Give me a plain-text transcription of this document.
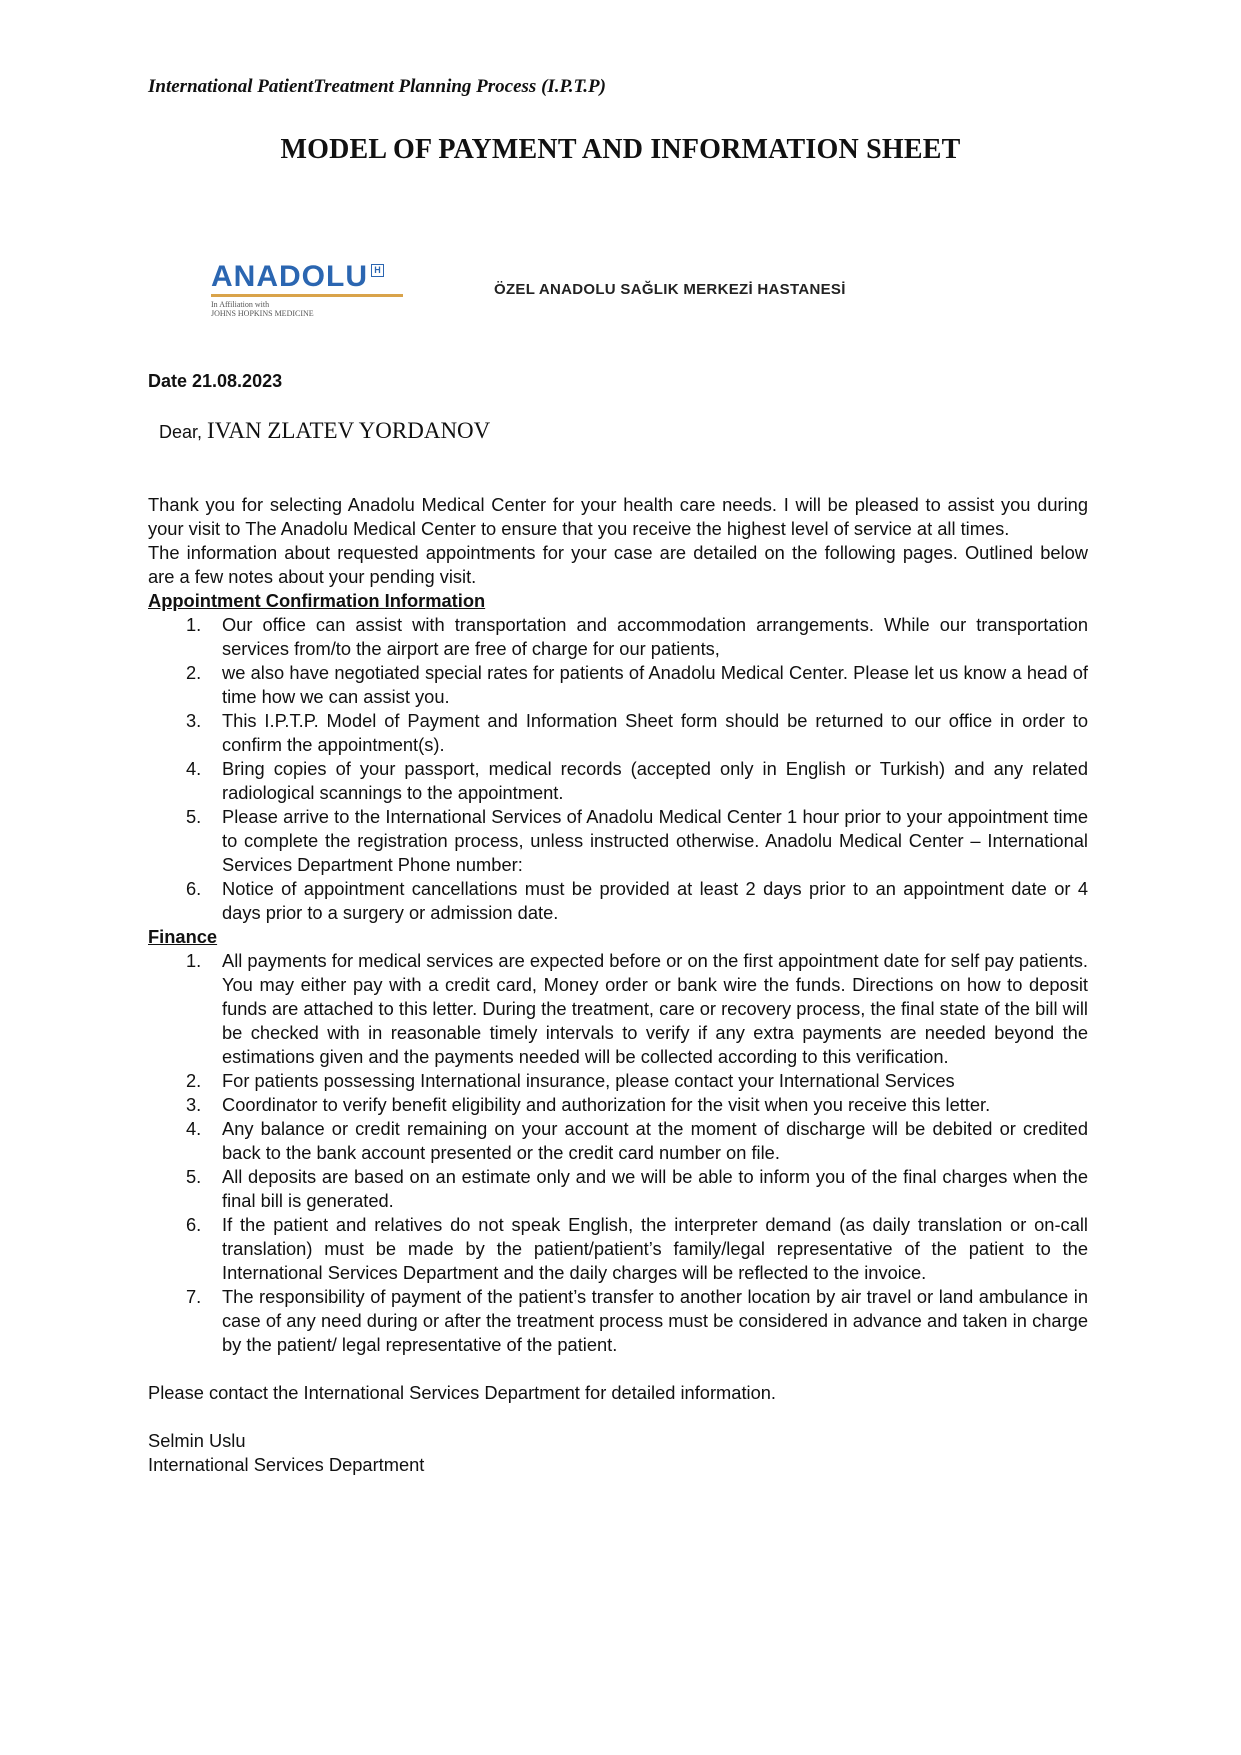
International PatientTreatment Planning Process (I.P.T.P)
MODEL OF PAYMENT AND INFORMATION SHEET
ANADOLU H
In Affiliation with
JOHNS HOPKINS MEDICINE
ÖZEL ANADOLU SAĞLIK MERKEZİ HASTANESİ
Date 21.08.2023
Dear, IVAN ZLATEV YORDANOV

Thank you for selecting Anadolu Medical Center for your health care needs. I will be pleased to assist you during your visit to The Anadolu Medical Center to ensure that you receive the highest level of service at all times.

The information about requested appointments for your case are detailed on the following pages. Outlined below are a few notes about your pending visit.

Appointment Confirmation Information

1. Our office can assist with transportation and accommodation arrangements. While our transportation services from/to the airport are free of charge for our patients,
2. we also have negotiated special rates for patients of Anadolu Medical Center. Please let us know a head of time how we can assist you.
3. This I.P.T.P. Model of Payment and Information Sheet form should be returned to our office in order to confirm the appointment(s).
4. Bring copies of your passport, medical records (accepted only in English or Turkish) and any related radiological scannings to the appointment.
5. Please arrive to the International Services of Anadolu Medical Center 1 hour prior to your appointment time to complete the registration process, unless instructed otherwise. Anadolu Medical Center – International Services Department Phone number:
6. Notice of appointment cancellations must be provided at least 2 days prior to an appointment date or 4 days prior to a surgery or admission date.

Finance

1. All payments for medical services are expected before or on the first appointment date for self pay patients. You may either pay with a credit card, Money order or bank wire the funds. Directions on how to deposit funds are attached to this letter. During the treatment, care or recovery process, the final state of the bill will be checked with in reasonable timely intervals to verify if any extra payments are needed beyond the estimations given and the payments needed will be collected according to this verification.
2. For patients possessing International insurance, please contact your International Services
3. Coordinator to verify benefit eligibility and authorization for the visit when you receive this letter.
4. Any balance or credit remaining on your account at the moment of discharge will be debited or credited back to the bank account presented or the credit card number on file.
5. All deposits are based on an estimate only and we will be able to inform you of the final charges when the final bill is generated.
6. If the patient and relatives do not speak English, the interpreter demand (as daily translation or on-call translation) must be made by the patient/patient’s family/legal representative of the patient to the International Services Department and the daily charges will be reflected to the invoice.
7. The responsibility of payment of the patient’s transfer to another location by air travel or land ambulance in case of any need during or after the treatment process must be considered in advance and taken in charge by the patient/ legal representative of the patient.

Please contact the International Services Department for detailed information.

Selmin Uslu

International Services Department
